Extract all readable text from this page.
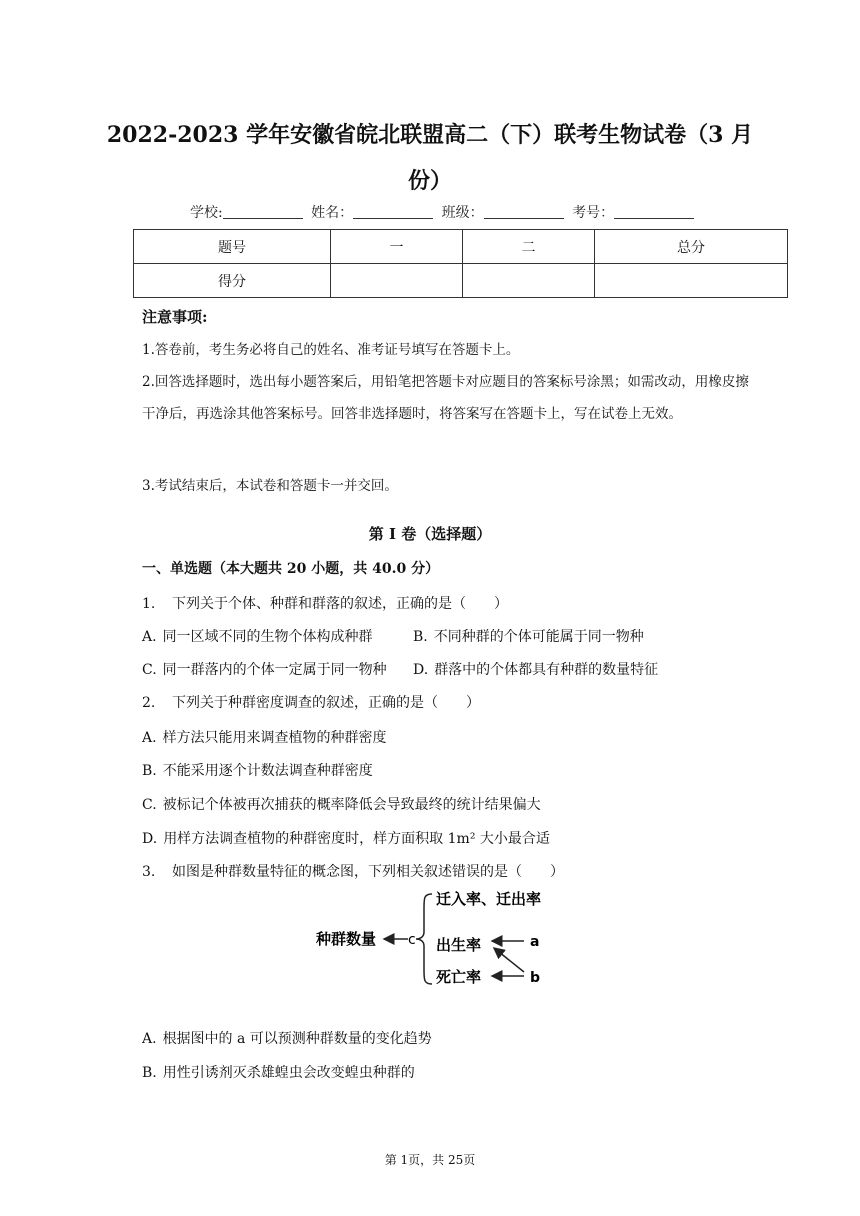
2022-2023 学年安徽省皖北联盟高二（下）联考生物试卷（3 月
份）
学校:	姓名：	班级：	考号：
题号	一	二	总分
得分			
注意事项:
1.答卷前，考生务必将自己的姓名、准考证号填写在答题卡上。
2.回答选择题时，选出每小题答案后，用铅笔把答题卡对应题目的答案标号涂黑；如需改动，用橡皮擦干净后，再选涂其他答案标号。回答非选择题时，将答案写在答题卡上，写在试卷上无效。
3.考试结束后，本试卷和答题卡一并交回。
第 I 卷（选择题）
一、单选题（本大题共 20 小题，共 40.0 分）
1. 下列关于个体、种群和群落的叙述，正确的是（　　）
A. 同一区域不同的生物个体构成种群	B. 不同种群的个体可能属于同一物种
C. 同一群落内的个体一定属于同一物种 D. 群落中的个体都具有种群的数量特征
2. 下列关于种群密度调查的叙述，正确的是（　　）
A. 样方法只能用来调查植物的种群密度
B. 不能采用逐个计数法调查种群密度
C. 被标记个体被再次捕获的概率降低会导致最终的统计结果偏大
D. 用样方法调查植物的种群密度时，样方面积取 1m² 大小最合适
3. 如图是种群数量特征的概念图，下列相关叙述错误的是（　　）
种群数量 c
迁入率、迁出率
出生率
死亡率
a
b
A. 根据图中的 a 可以预测种群数量的变化趋势
B. 用性引诱剂灭杀雄蝗虫会改变蝗虫种群的
第 1页，共 25页
